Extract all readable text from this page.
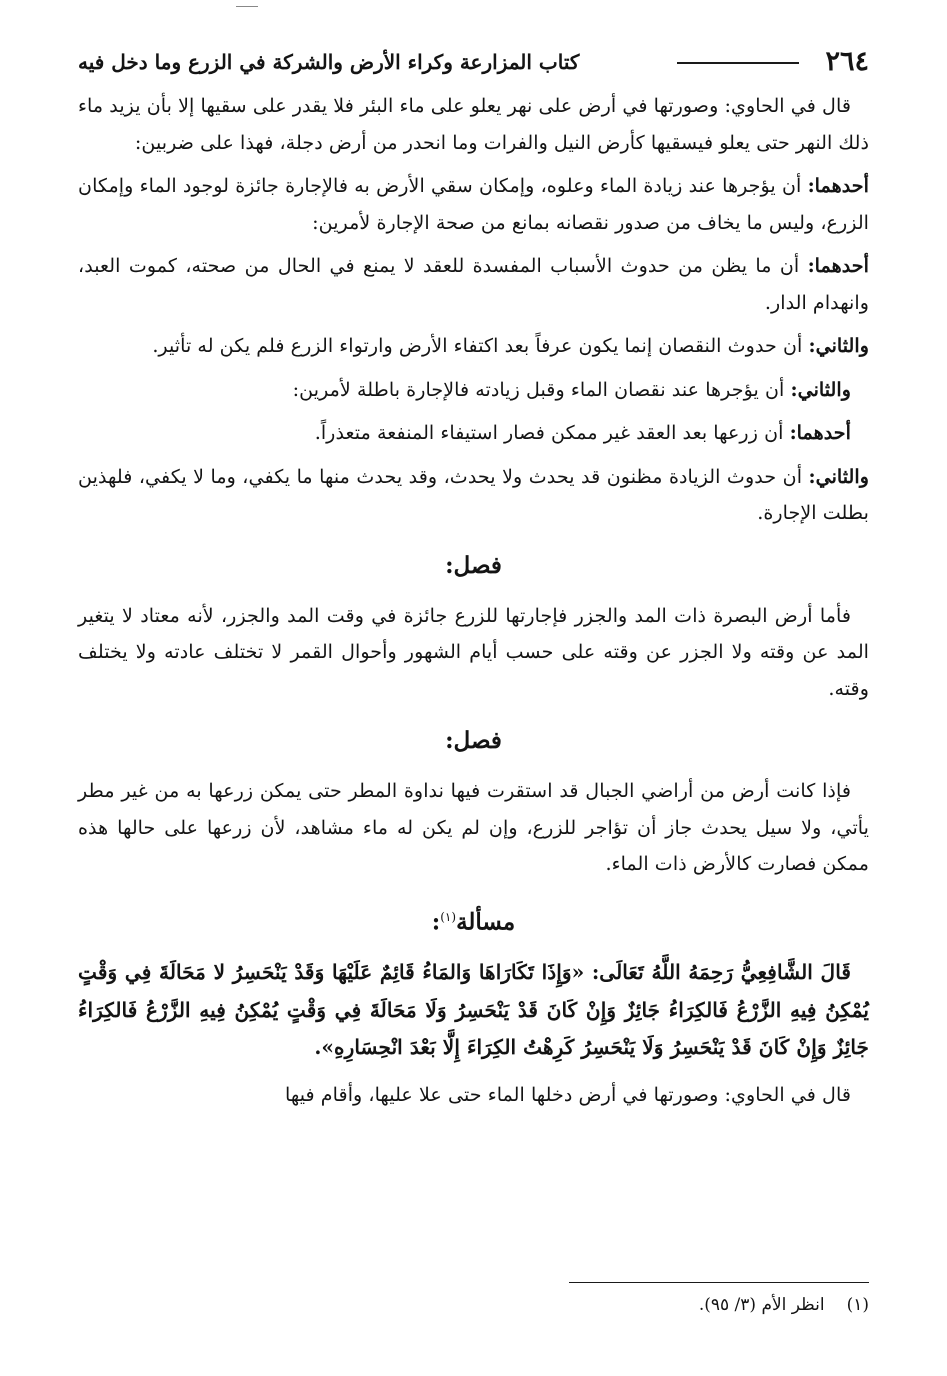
٢٦٤
كتاب المزارعة وكراء الأرض والشركة في الزرع وما دخل فيه

قال في الحاوي: وصورتها في أرض على نهر يعلو على ماء البئر فلا يقدر على سقيها إلا بأن يزيد ماء ذلك النهر حتى يعلو فيسقيها كأرض النيل والفرات وما انحدر من أرض دجلة، فهذا على ضربين:

أحدهما: أن يؤجرها عند زيادة الماء وعلوه، وإمكان سقي الأرض به فالإجارة جائزة لوجود الماء وإمكان الزرع، وليس ما يخاف من صدور نقصانه بمانع من صحة الإجارة لأمرين:

أحدهما: أن ما يظن من حدوث الأسباب المفسدة للعقد لا يمنع في الحال من صحته، كموت العبد، وانهدام الدار.

والثاني: أن حدوث النقصان إنما يكون عرفاً بعد اكتفاء الأرض وارتواء الزرع فلم يكن له تأثير.

والثاني: أن يؤجرها عند نقصان الماء وقبل زيادته فالإجارة باطلة لأمرين:

أحدهما: أن زرعها بعد العقد غير ممكن فصار استيفاء المنفعة متعذراً.

والثاني: أن حدوث الزيادة مظنون قد يحدث ولا يحدث، وقد يحدث منها ما يكفي، وما لا يكفي، فلهذين بطلت الإجارة.

فصل:

فأما أرض البصرة ذات المد والجزر فإجارتها للزرع جائزة في وقت المد والجزر، لأنه معتاد لا يتغير المد عن وقته ولا الجزر عن وقته على حسب أيام الشهور وأحوال القمر لا تختلف عادته ولا يختلف وقته.

فصل:

فإذا كانت أرض من أراضي الجبال قد استقرت فيها نداوة المطر حتى يمكن زرعها به من غير مطر يأتي، ولا سيل يحدث جاز أن تؤاجر للزرع، وإن لم يكن له ماء مشاهد، لأن زرعها على حالها هذه ممكن فصارت كالأرض ذات الماء.

مسألة$^{(١)}$:

قَالَ الشَّافِعِيُّ رَحِمَهُ اللَّهُ تَعَالَى: «وَإِذَا تَكَارَاهَا وَالمَاءُ قَائِمٌ عَلَيْهَا وَقَدْ يَنْحَسِرُ لا مَحَالَةَ فِي وَقْتٍ يُمْكِنُ فِيهِ الزَّرْعُ فَالكِرَاءُ جَائِزٌ وَإِنْ كَانَ قَدْ يَنْحَسِرُ وَلَا مَحَالَةَ فِي وَقْتٍ يُمْكِنُ فِيهِ الزَّرْعُ فَالكِرَاءُ جَائِزٌ وَإِنْ كَانَ قَدْ يَنْحَسِرُ وَلَا يَنْحَسِرُ كَرِهْتُ الكِرَاءَ إِلَّا بَعْدَ انْحِسَارِهِ».

قال في الحاوي: وصورتها في أرض دخلها الماء حتى علا عليها، وأقام فيها

(١)انظر الأم (٣/ ٩٥).
